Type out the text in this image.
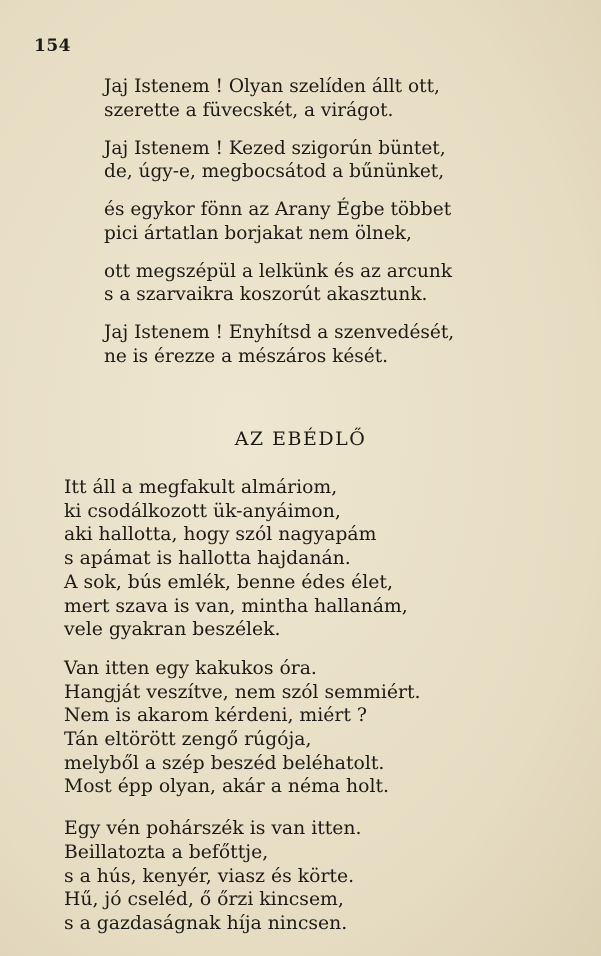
154
Jaj Istenem ! Olyan szelíden állt ott,
szerette a füvecskét, a virágot.
Jaj Istenem ! Kezed szigorún büntet,
de, úgy-e, megbocsátod a bűnünket,
és egykor fönn az Arany Égbe többet
pici ártatlan borjakat nem ölnek,
ott megszépül a lelkünk és az arcunk
s a szarvaikra koszorút akasztunk.
Jaj Istenem ! Enyhítsd a szenvedését,
ne is érezze a mészáros kését.
AZ EBÉDLŐ
Itt áll a megfakult almáriom,
ki csodálkozott ük-anyáimon,
aki hallotta, hogy szól nagyapám
s apámat is hallotta hajdanán.
A sok, bús emlék, benne édes élet,
mert szava is van, mintha hallanám,
vele gyakran beszélek.
Van itten egy kakukos óra.
Hangját veszítve, nem szól semmiért.
Nem is akarom kérdeni, miért ?
Tán eltörött zengő rúgója,
melyből a szép beszéd beléhatolt.
Most épp olyan, akár a néma holt.
Egy vén pohárszék is van itten.
Beillatozta a befőttje,
s a hús, kenyér, viasz és körte.
Hű, jó cseléd, ő őrzi kincsem,
s a gazdaságnak híja nincsen.
